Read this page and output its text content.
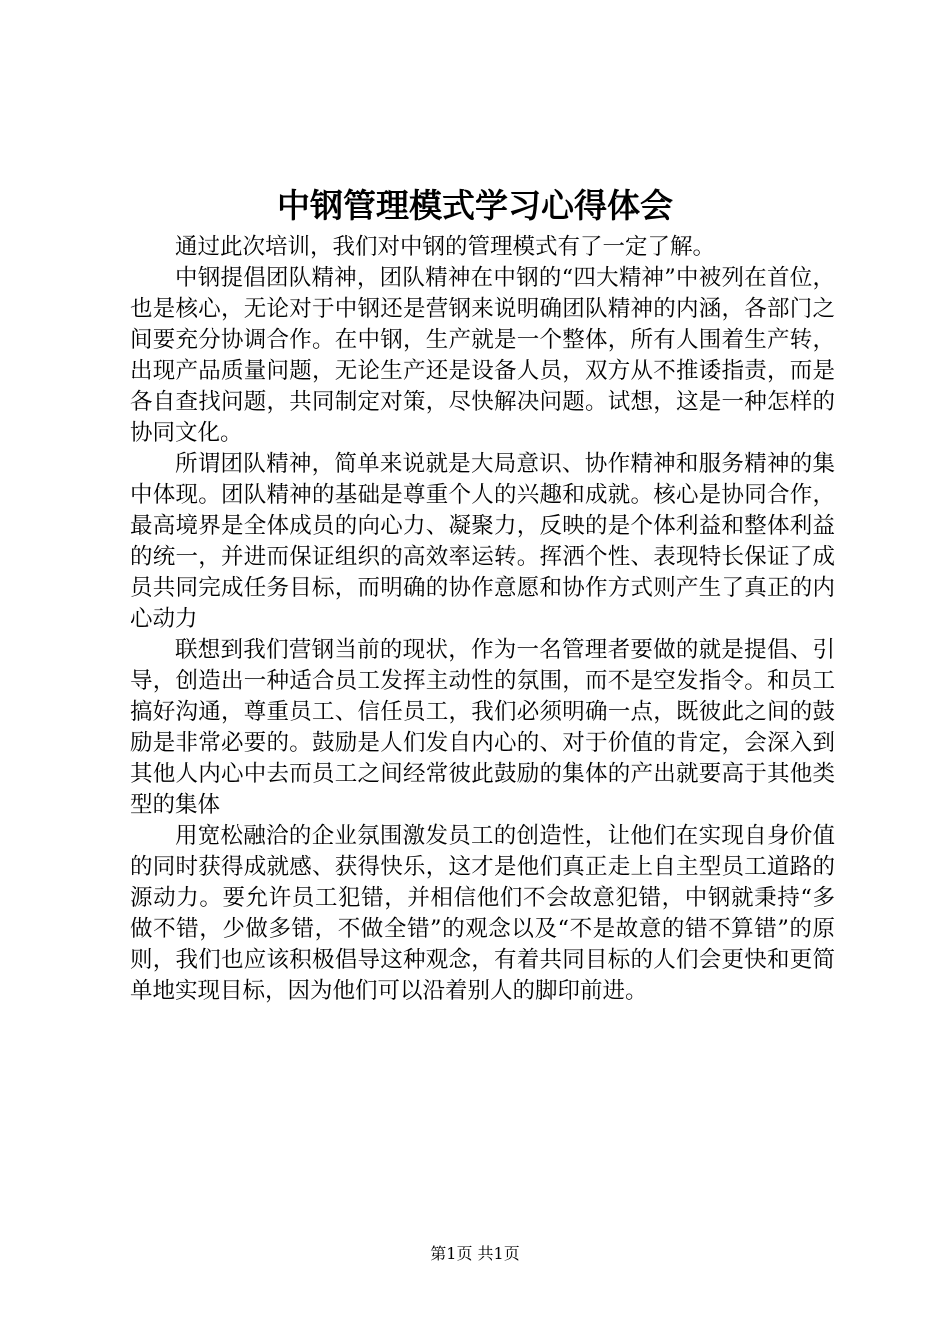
中钢管理模式学习心得体会

通过此次培训，我们对中钢的管理模式有了一定了解。

中钢提倡团队精神，团队精神在中钢的“四大精神”中被列在首位，也是核心，无论对于中钢还是营钢来说明确团队精神的内涵，各部门之间要充分协调合作。在中钢，生产就是一个整体，所有人围着生产转，出现产品质量问题，无论生产还是设备人员，双方从不推诿指责，而是各自查找问题，共同制定对策，尽快解决问题。试想，这是一种怎样的协同文化。

所谓团队精神，简单来说就是大局意识、协作精神和服务精神的集中体现。团队精神的基础是尊重个人的兴趣和成就。核心是协同合作，最高境界是全体成员的向心力、凝聚力，反映的是个体利益和整体利益的统一，并进而保证组织的高效率运转。挥洒个性、表现特长保证了成员共同完成任务目标，而明确的协作意愿和协作方式则产生了真正的内心动力

联想到我们营钢当前的现状，作为一名管理者要做的就是提倡、引导，创造出一种适合员工发挥主动性的氛围，而不是空发指令。和员工搞好沟通，尊重员工、信任员工，我们必须明确一点，既彼此之间的鼓励是非常必要的。鼓励是人们发自内心的、对于价值的肯定，会深入到其他人内心中去而员工之间经常彼此鼓励的集体的产出就要高于其他类型的集体

用宽松融洽的企业氛围激发员工的创造性，让他们在实现自身价值的同时获得成就感、获得快乐，这才是他们真正走上自主型员工道路的源动力。要允许员工犯错，并相信他们不会故意犯错，中钢就秉持“多做不错，少做多错，不做全错”的观念以及“不是故意的错不算错”的原则，我们也应该积极倡导这种观念，有着共同目标的人们会更快和更简单地实现目标，因为他们可以沿着别人的脚印前进。

第1页 共1页
